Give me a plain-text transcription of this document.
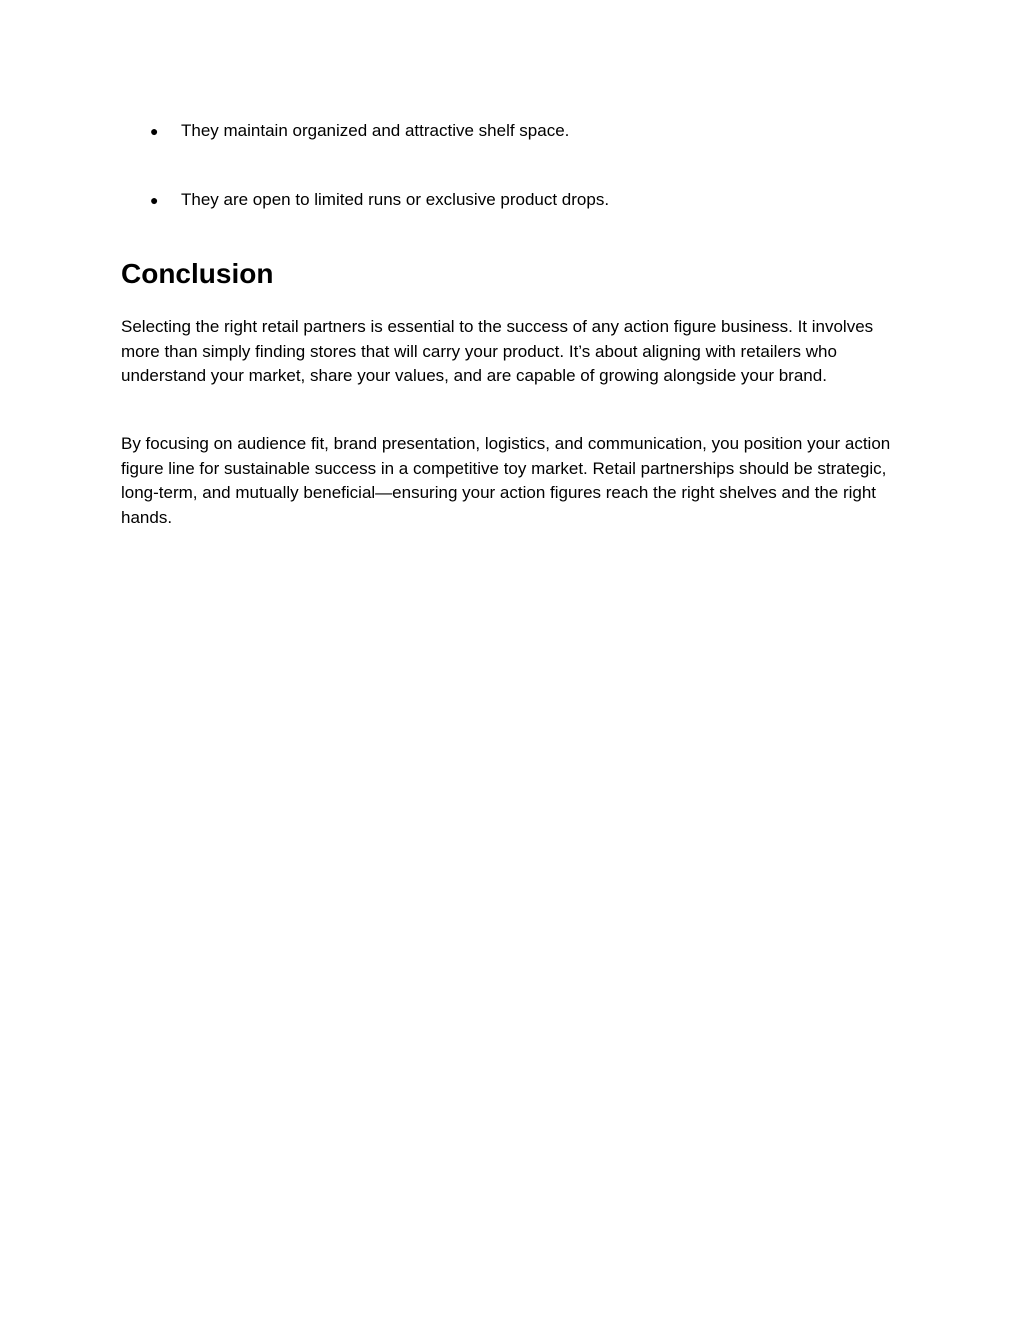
●	They maintain organized and attractive shelf space.
●	They are open to limited runs or exclusive product drops.
Conclusion

Selecting the right retail partners is essential to the success of any action figure business. It involves more than simply finding stores that will carry your product. It’s about aligning with retailers who understand your market, share your values, and are capable of growing alongside your brand.

By focusing on audience fit, brand presentation, logistics, and communication, you position your action figure line for sustainable success in a competitive toy market. Retail partnerships should be strategic, long-term, and mutually beneficial—ensuring your action figures reach the right shelves and the right hands.
